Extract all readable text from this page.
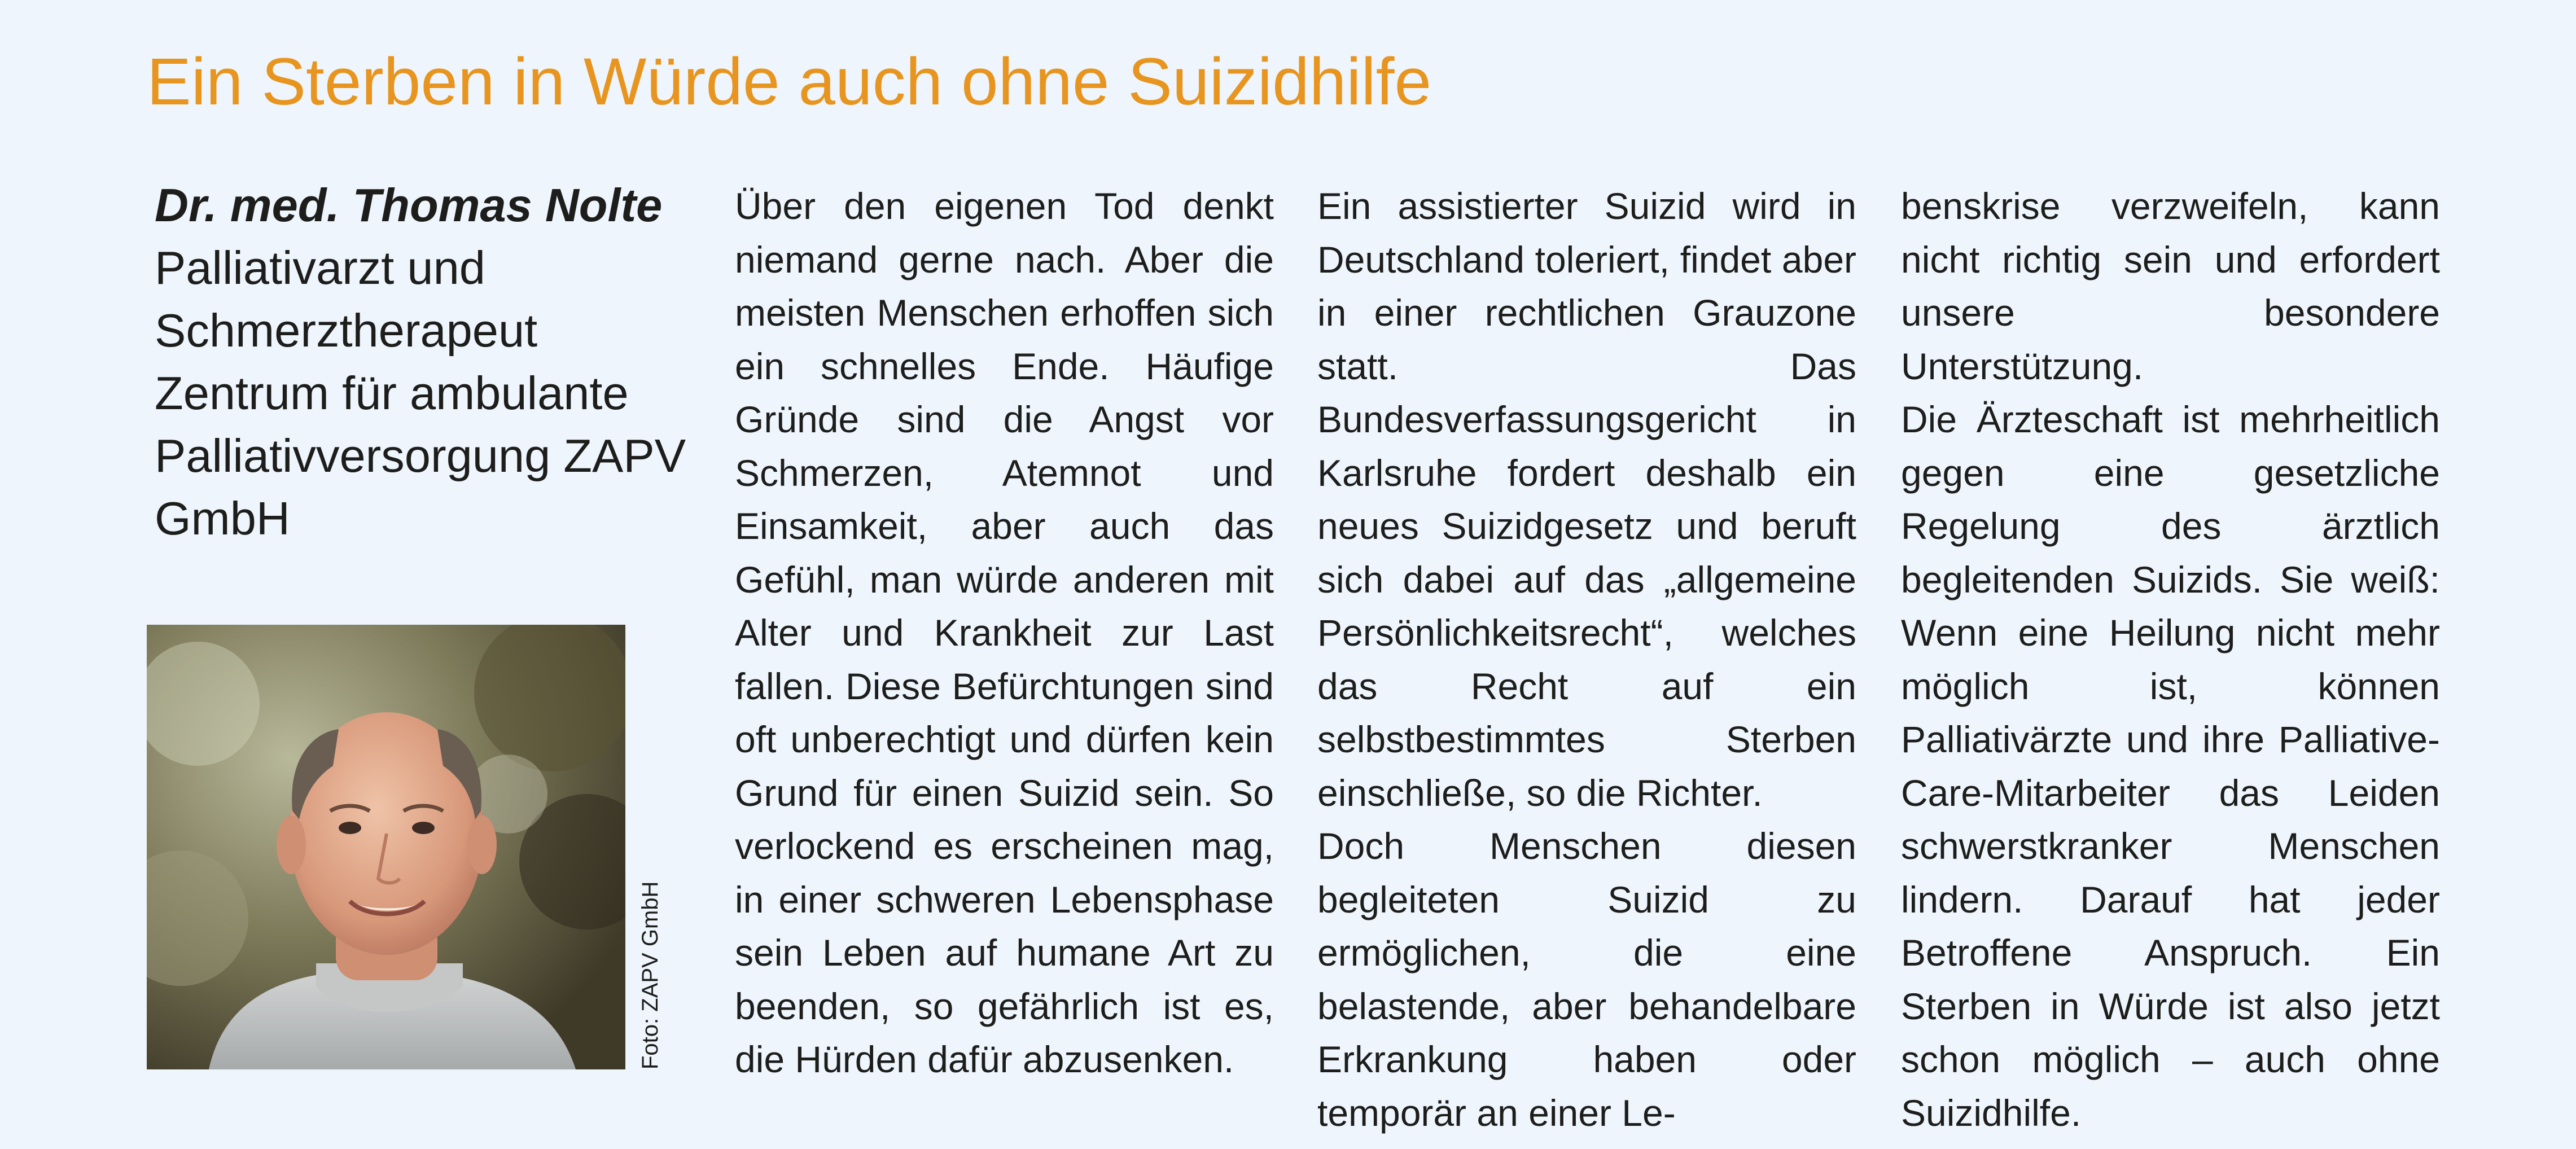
Ein Sterben in Würde auch ohne Suizidhilfe
Dr. med. Thomas Nolte
Palliativarzt und
Schmerztherapeut
Zentrum für ambulante
Palliativversorgung ZAPV
GmbH
Foto: ZAPV GmbH

Über den eigenen Tod denkt niemand gerne nach. Aber die meisten Menschen erhoffen sich ein schnelles Ende. Häufige Gründe sind die Angst vor Schmerzen, Atemnot und Einsamkeit, aber auch das Gefühl, man würde anderen mit Alter und Krankheit zur Last fallen. Diese Befürchtungen sind oft unberechtigt und dürfen kein Grund für einen Suizid sein. So verlockend es erscheinen mag, in einer schweren Lebensphase sein Leben auf humane Art zu beenden, so gefährlich ist es, die Hürden dafür abzusenken.

Ein assistierter Suizid wird in Deutschland toleriert, findet aber in einer rechtlichen Grauzone statt. Das Bundesverfassungsgericht in Karlsruhe fordert deshalb ein neues Suizidgesetz und beruft sich dabei auf das „allgemeine Persönlichkeitsrecht“, welches das Recht auf ein selbstbestimmtes Sterben einschließe, so die Richter.

Doch Menschen diesen begleiteten Suizid zu ermöglichen, die eine belastende, aber behandelbare Erkrankung haben oder temporär an einer Le-

benskrise verzweifeln, kann nicht richtig sein und erfordert unsere besondere Unterstützung.

Die Ärzteschaft ist mehrheitlich gegen eine gesetzliche Regelung des ärztlich begleitenden Suizids. Sie weiß: Wenn eine Heilung nicht mehr möglich ist, können Palliativärzte und ihre Palliative-Care-Mitarbeiter das Leiden schwerstkranker Menschen lindern. Darauf hat jeder Betroffene Anspruch. Ein Sterben in Würde ist also jetzt schon möglich – auch ohne Suizidhilfe.
